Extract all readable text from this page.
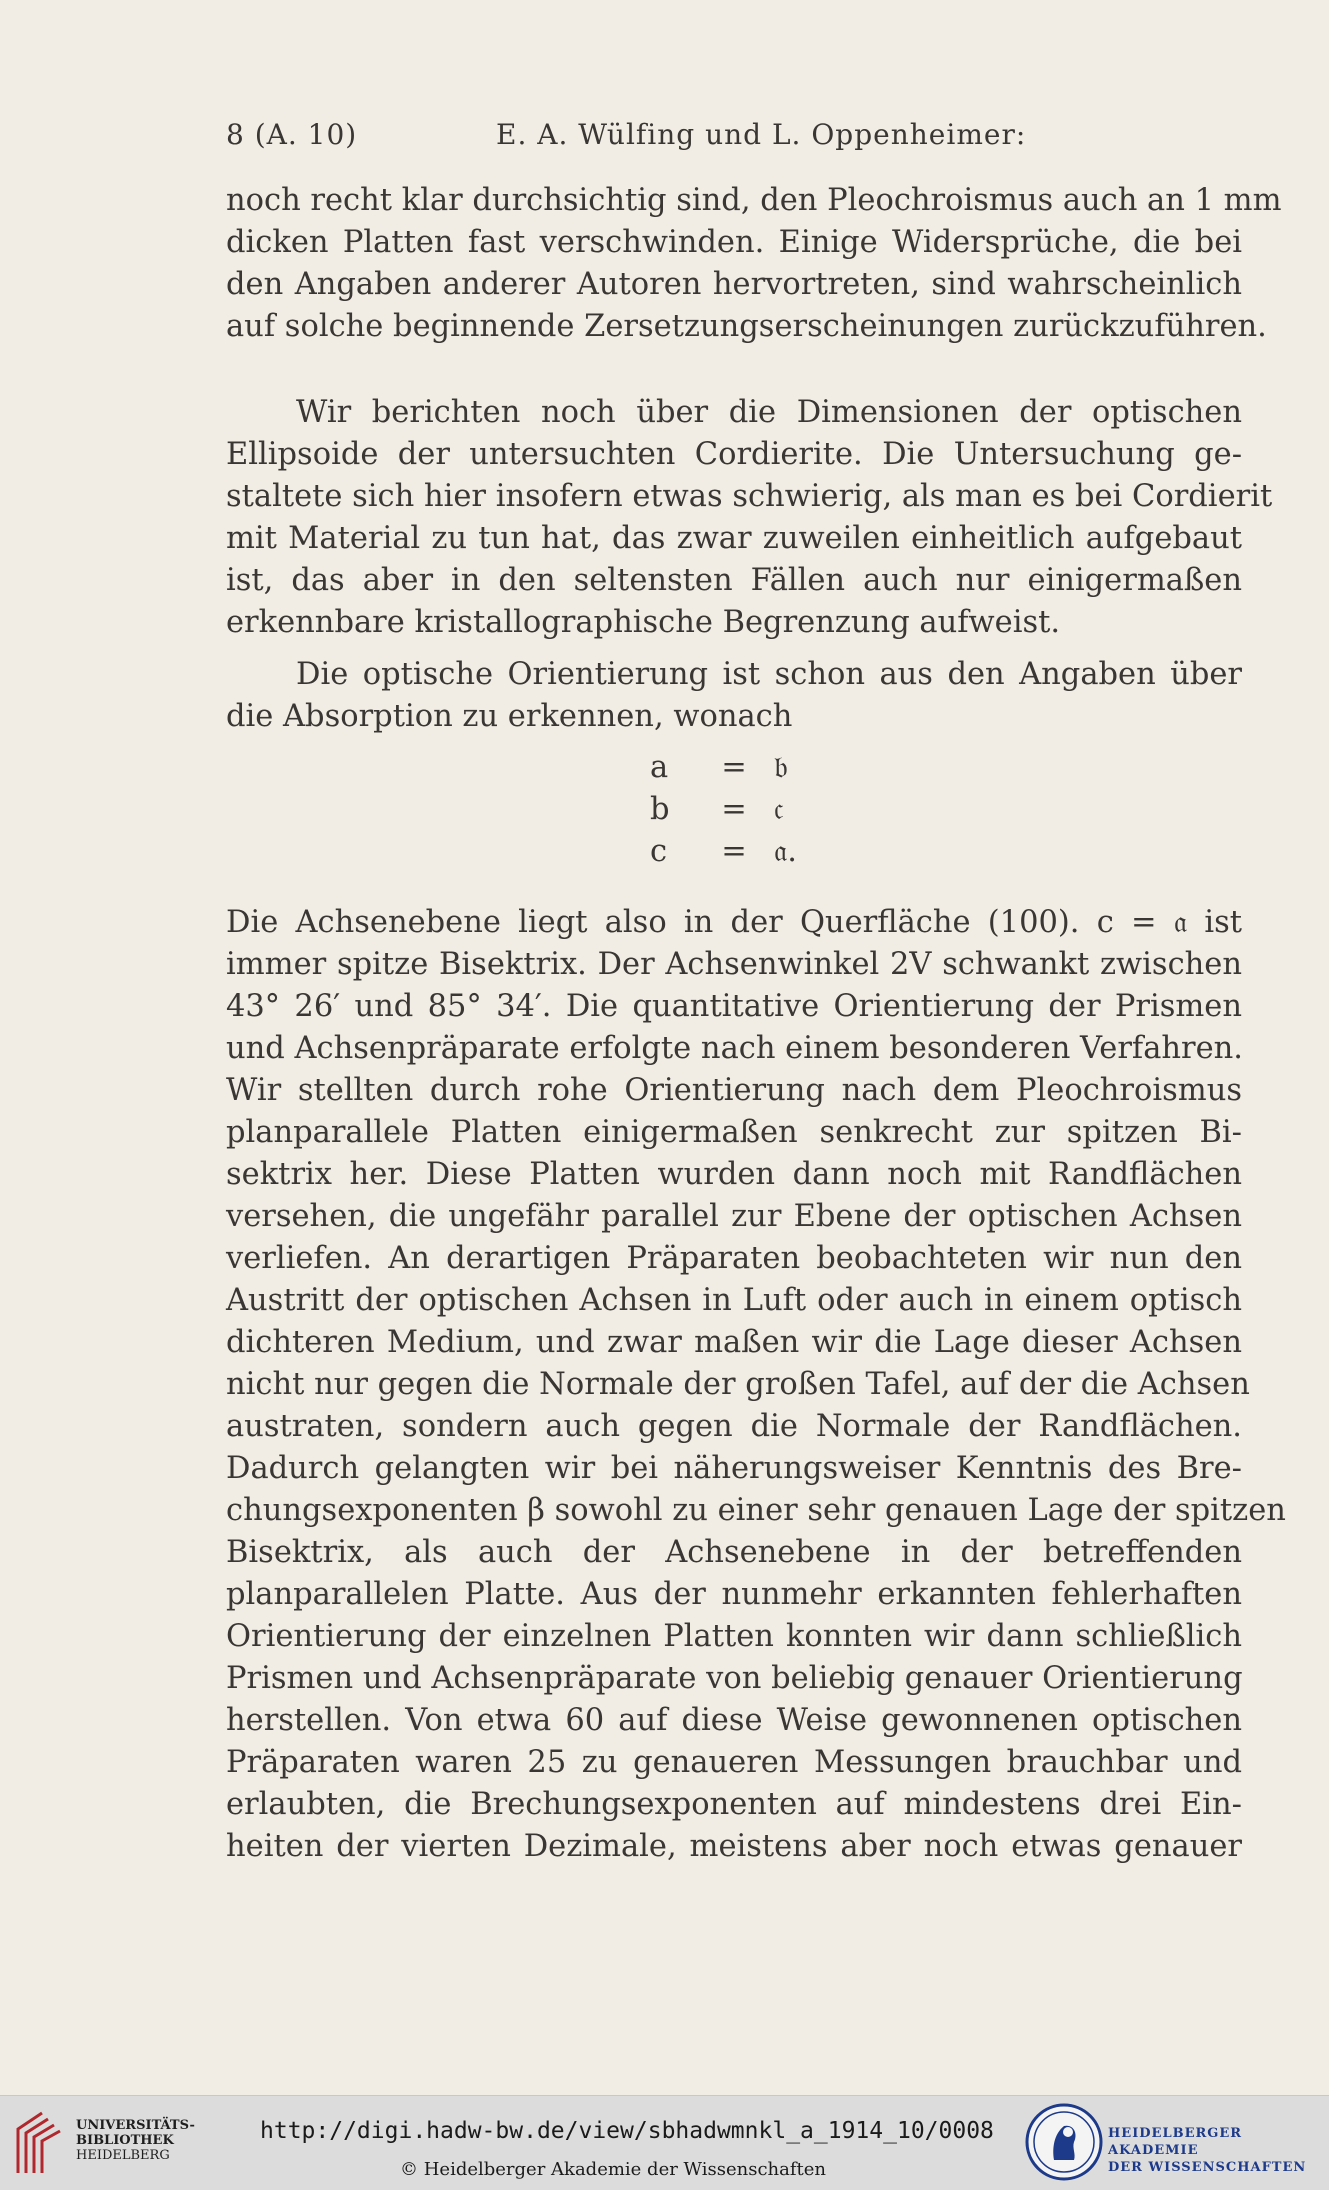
8 (A. 10)	E. A. Wülfing und L. Oppenheimer:
noch recht klar durchsichtig sind, den Pleochroismus auch an 1 mm
dicken Platten fast verschwinden. Einige Widersprüche, die bei
den Angaben anderer Autoren hervortreten, sind wahrscheinlich
auf solche beginnende Zersetzungserscheinungen zurückzuführen.
Wir berichten noch über die Dimensionen der optischen
Ellipsoide der untersuchten Cordierite. Die Untersuchung ge-
staltete sich hier insofern etwas schwierig, als man es bei Cordierit
mit Material zu tun hat, das zwar zuweilen einheitlich aufgebaut
ist, das aber in den seltensten Fällen auch nur einigermaßen
erkennbare kristallographische Begrenzung aufweist.
Die optische Orientierung ist schon aus den Angaben über
die Absorption zu erkennen, wonach
a	= 𝔟
b	= 𝔠
c	= 𝔞.
Die Achsenebene liegt also in der Querfläche (100). c = 𝔞 ist
immer spitze Bisektrix. Der Achsenwinkel 2V schwankt zwischen
43° 26′ und 85° 34′. Die quantitative Orientierung der Prismen
und Achsenpräparate erfolgte nach einem besonderen Verfahren.
Wir stellten durch rohe Orientierung nach dem Pleochroismus
planparallele Platten einigermaßen senkrecht zur spitzen Bi-
sektrix her. Diese Platten wurden dann noch mit Randflächen
versehen, die ungefähr parallel zur Ebene der optischen Achsen
verliefen. An derartigen Präparaten beobachteten wir nun den
Austritt der optischen Achsen in Luft oder auch in einem optisch
dichteren Medium, und zwar maßen wir die Lage dieser Achsen
nicht nur gegen die Normale der großen Tafel, auf der die Achsen
austraten, sondern auch gegen die Normale der Randflächen.
Dadurch gelangten wir bei näherungsweiser Kenntnis des Bre-
chungsexponenten β sowohl zu einer sehr genauen Lage der spitzen
Bisektrix, als auch der Achsenebene in der betreffenden
planparallelen Platte. Aus der nunmehr erkannten fehlerhaften
Orientierung der einzelnen Platten konnten wir dann schließlich
Prismen und Achsenpräparate von beliebig genauer Orientierung
herstellen. Von etwa 60 auf diese Weise gewonnenen optischen
Präparaten waren 25 zu genaueren Messungen brauchbar und
erlaubten, die Brechungsexponenten auf mindestens drei Ein-
heiten der vierten Dezimale, meistens aber noch etwas genauer
UNIVERSITÄTS-
BIBLIOTHEK
HEIDELBERG
http://digi.hadw-bw.de/view/sbhadwmnkl_a_1914_10/0008
© Heidelberger Akademie der Wissenschaften
HEIDELBERGER AKADEMIE
DER WISSENSCHAFTEN
